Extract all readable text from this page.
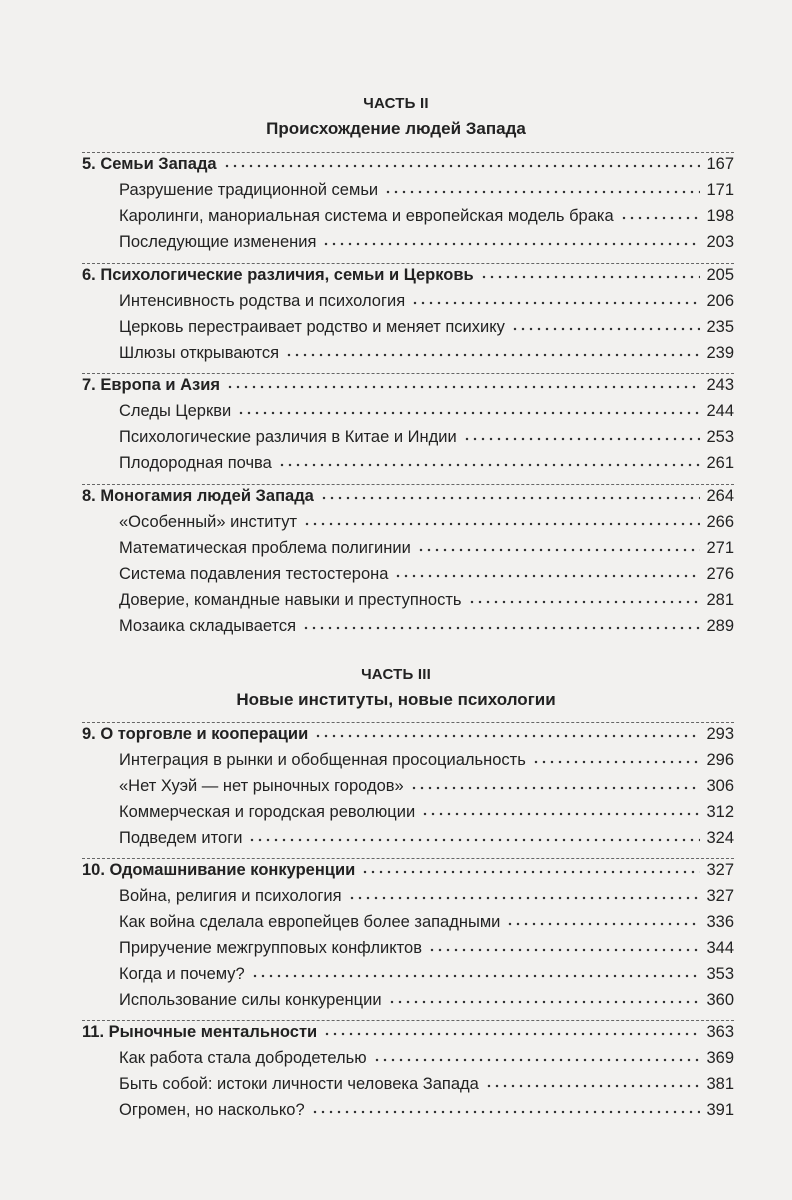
ЧАСТЬ II
Происхождение людей Запада
5. Семьи Запада	167
Разрушение традиционной семьи	171
Каролинги, манориальная система и европейская модель брака	198
Последующие изменения	203
6. Психологические различия, семьи и Церковь	205
Интенсивность родства и психология	206
Церковь перестраивает родство и меняет психику	235
Шлюзы открываются	239
7. Европа и Азия	243
Следы Церкви	244
Психологические различия в Китае и Индии	253
Плодородная почва	261
8. Моногамия людей Запада	264
«Особенный» институт	266
Математическая проблема полигинии	271
Система подавления тестостерона	276
Доверие, командные навыки и преступность	281
Мозаика складывается	289
ЧАСТЬ III
Новые институты, новые психологии
9. О торговле и кооперации	293
Интеграция в рынки и обобщенная просоциальность	296
«Нет Хуэй — нет рыночных городов»	306
Коммерческая и городская революции	312
Подведем итоги	324
10. Одомашнивание конкуренции	327
Война, религия и психология	327
Как война сделала европейцев более западными	336
Приручение межгрупповых конфликтов	344
Когда и почему?	353
Использование силы конкуренции	360
11. Рыночные ментальности	363
Как работа стала добродетелью	369
Быть собой: истоки личности человека Запада	381
Огромен, но насколько?	391
